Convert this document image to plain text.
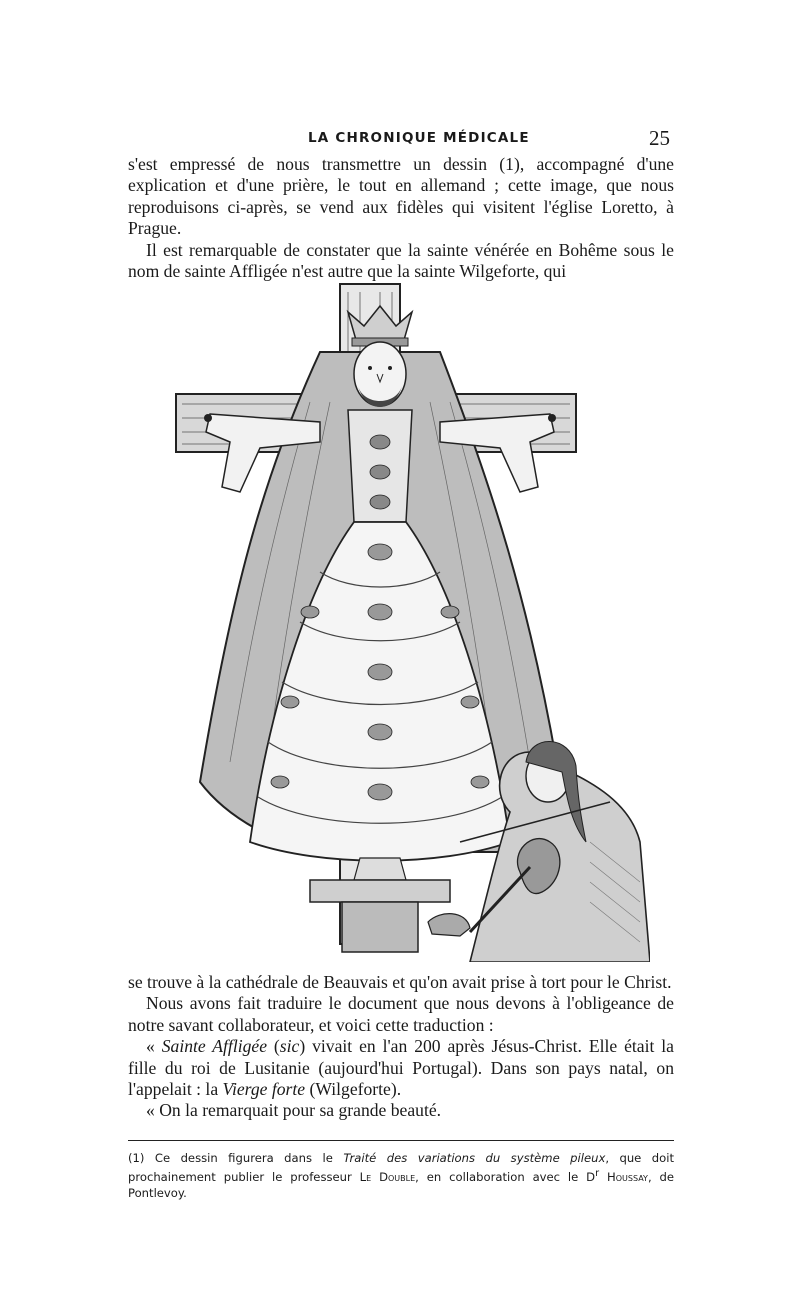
LA CHRONIQUE MÉDICALE	25

s'est empressé de nous transmettre un dessin (1), accompagné d'une explication et d'une prière, le tout en allemand ; cette image, que nous reproduisons ci-après, se vend aux fidèles qui visitent l'église Loretto, à Prague.

Il est remarquable de constater que la sainte vénérée en Bohême sous le nom de sainte Affligée n'est autre que la sainte Wilgeforte, qui

se trouve à la cathédrale de Beauvais et qu'on avait prise à tort pour le Christ.

Nous avons fait traduire le document que nous devons à l'obligeance de notre savant collaborateur, et voici cette traduction :

« Sainte Affligée (sic) vivait en l'an 200 après Jésus-Christ. Elle était la fille du roi de Lusitanie (aujourd'hui Portugal). Dans son pays natal, on l'appelait : la Vierge forte (Wilgeforte).

« On la remarquait pour sa grande beauté.

(1) Ce dessin figurera dans le Traité des variations du système pileux, que doit prochainement publier le professeur Le Double, en collaboration avec le $D^r$ Houssay, de Pontlevoy.
